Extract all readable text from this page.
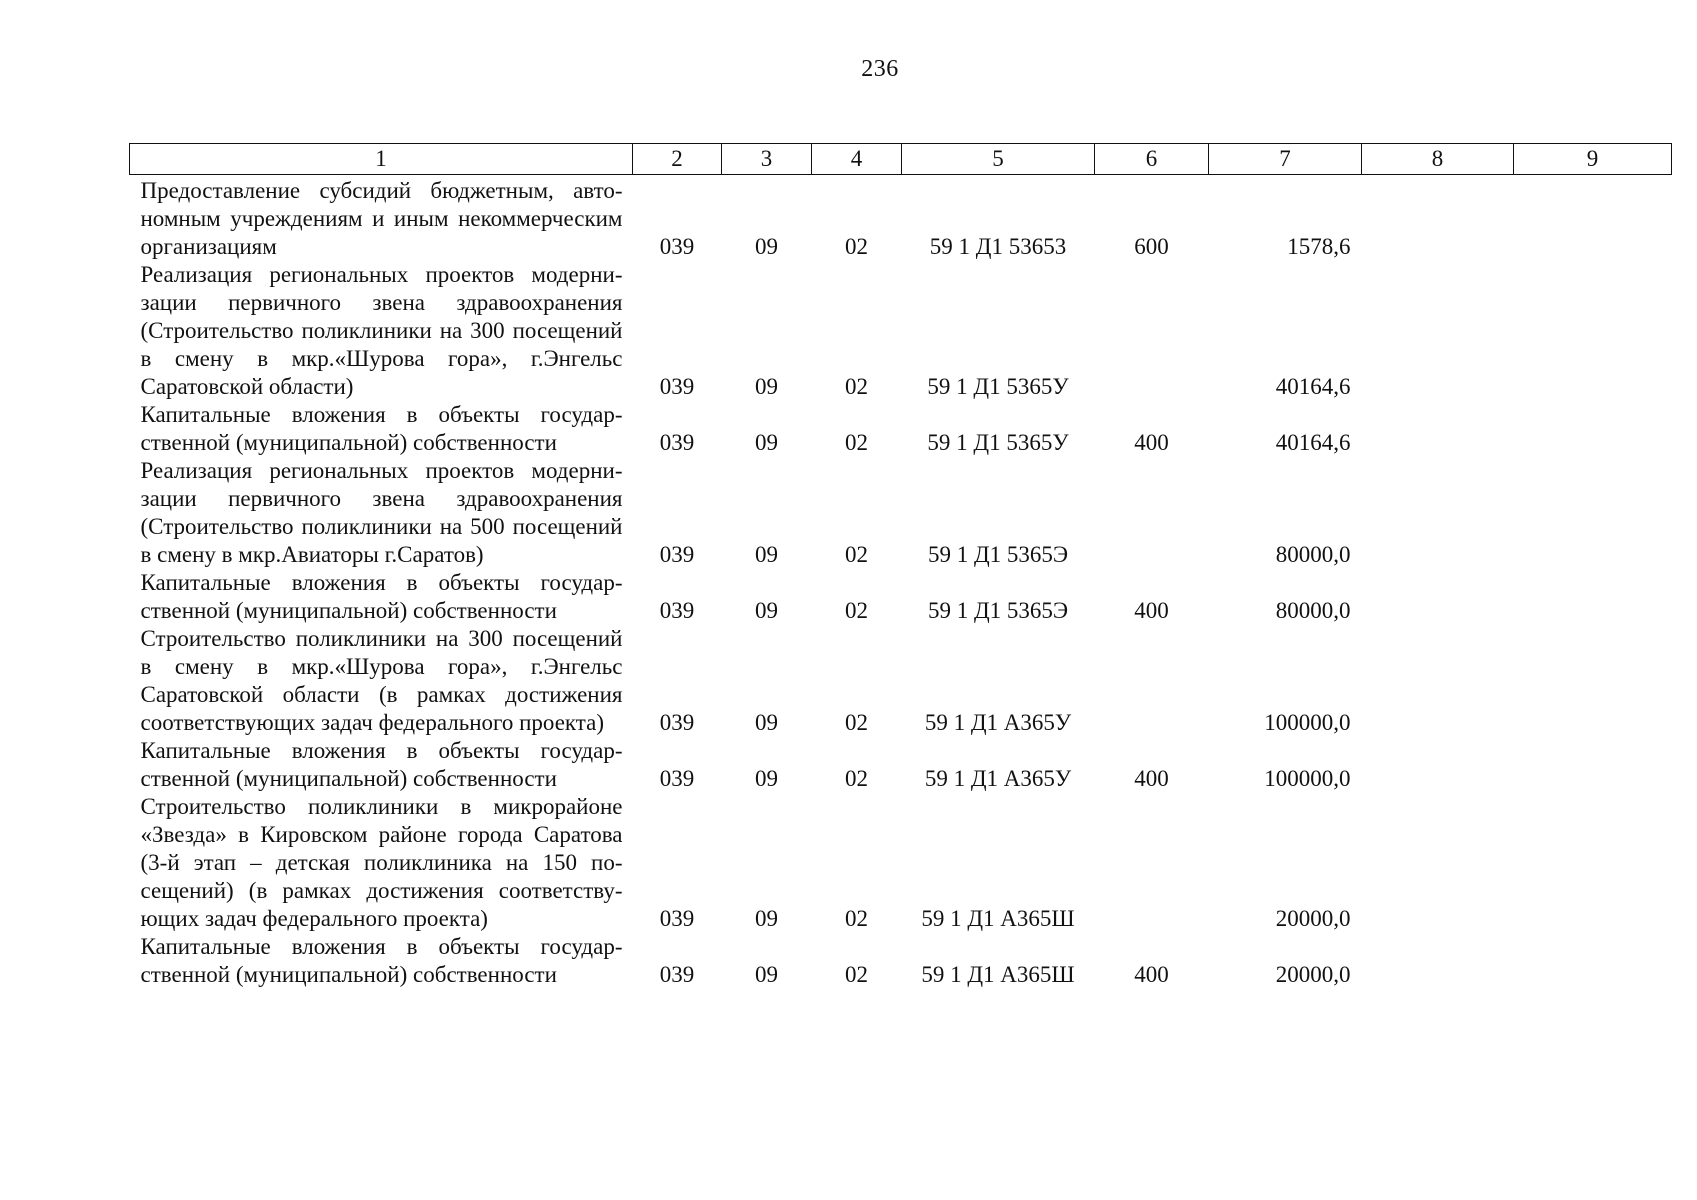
236
1	2	3	4	5	6	7	8	9
Предоставление субсидий бюджетным, автономным учреждениям и иным некоммерческим организациям	039	09	02	59 1 Д1 53653	600	1578,6		
Реализация региональных проектов модернизации первичного звена здравоохранения (Строительство поликлиники на 300 посещений в смену в мкр.«Шурова гора», г.Энгельс Саратовской области)	039	09	02	59 1 Д1 5365У		40164,6		
Капитальные вложения в объекты государственной (муниципальной) собственности	039	09	02	59 1 Д1 5365У	400	40164,6		
Реализация региональных проектов модернизации первичного звена здравоохранения (Строительство поликлиники на 500 посещений в смену в мкр.Авиаторы г.Саратов)	039	09	02	59 1 Д1 5365Э		80000,0		
Капитальные вложения в объекты государственной (муниципальной) собственности	039	09	02	59 1 Д1 5365Э	400	80000,0		
Строительство поликлиники на 300 посещений в смену в мкр.«Шурова гора», г.Энгельс Саратовской области (в рамках достижения соответствующих задач федерального проекта)	039	09	02	59 1 Д1 А365У		100000,0		
Капитальные вложения в объекты государственной (муниципальной) собственности	039	09	02	59 1 Д1 А365У	400	100000,0		
Строительство поликлиники в микрорайоне «Звезда» в Кировском районе города Саратова (3-й этап – детская поликлиника на 150 посещений) (в рамках достижения соответствующих задач федерального проекта)	039	09	02	59 1 Д1 А365Ш		20000,0		
Капитальные вложения в объекты государственной (муниципальной) собственности	039	09	02	59 1 Д1 А365Ш	400	20000,0		
